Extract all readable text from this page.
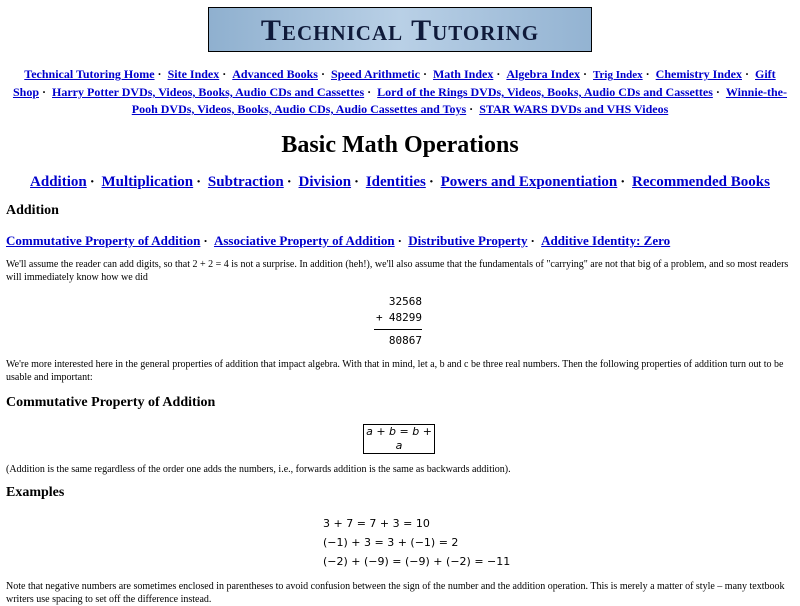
Technical Tutoring
Technical Tutoring Home · Site Index · Advanced Books · Speed Arithmetic · Math Index · Algebra Index · Trig Index · Chemistry Index · Gift Shop · Harry Potter DVDs, Videos, Books, Audio CDs and Cassettes · Lord of the Rings DVDs, Videos, Books, Audio CDs and Cassettes · Winnie-the-Pooh DVDs, Videos, Books, Audio CDs, Audio Cassettes and Toys · STAR WARS DVDs and VHS Videos
Basic Math Operations
Addition · Multiplication · Subtraction · Division · Identities · Powers and Exponentiation · Recommended Books
Addition
Commutative Property of Addition · Associative Property of Addition · Distributive Property · Additive Identity: Zero

We'll assume the reader can add digits, so that 2 + 2 = 4 is not a surprise. In addition (heh!), we'll also assume that the fundamentals of "carrying" are not that big of a problem, and so most readers will immediately know how we did

32568
+ 48299
80867

We're more interested here in the general properties of addition that impact algebra. With that in mind, let a, b and c be three real numbers. Then the following properties of addition turn out to be usable and important:

Commutative Property of Addition
a + b = b + a

(Addition is the same regardless of the order one adds the numbers, i.e., forwards addition is the same as backwards addition).

Examples
3 + 7 = 7 + 3 = 10
(−1) + 3 = 3 + (−1) = 2
(−2) + (−9) = (−9) + (−2) = −11

Note that negative numbers are sometimes enclosed in parentheses to avoid confusion between the sign of the number and the addition operation. This is merely a matter of style – many textbook writers use spacing to set off the difference instead.
